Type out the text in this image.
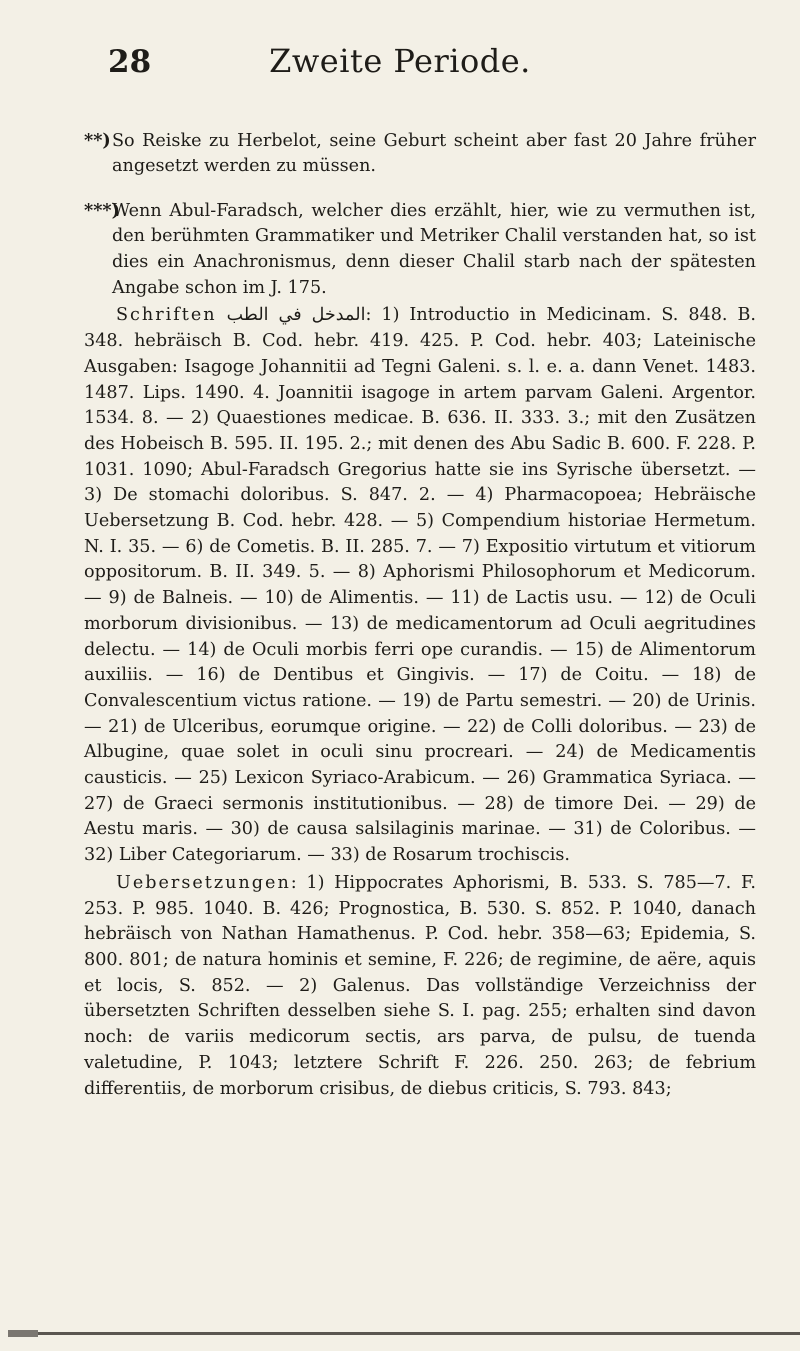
28	Zweite Periode.

**)So Reiske zu Herbelot, seine Geburt scheint aber fast 20 Jahre früher angesetzt werden zu müssen.

***)Wenn Abul-Faradsch, welcher dies erzählt, hier, wie zu vermuthen ist, den berühmten Grammatiker und Metriker Chalil verstanden hat, so ist dies ein Anachronismus, denn dieser Chalil starb nach der spätesten Angabe schon im J. 175.

Schriften المدخل في الطب: 1) Introductio in Medicinam. S. 848. B. 348. hebräisch B. Cod. hebr. 419. 425. P. Cod. hebr. 403; Lateinische Ausgaben: Isagoge Johannitii ad Tegni Galeni. s. l. e. a. dann Venet. 1483. 1487. Lips. 1490. 4. Joannitii isagoge in artem parvam Galeni. Argentor. 1534. 8. — 2) Quaestiones medicae. B. 636. II. 333. 3.; mit den Zusätzen des Hobeisch B. 595. II. 195. 2.; mit denen des Abu Sadic B. 600. F. 228. P. 1031. 1090; Abul-Faradsch Gregorius hatte sie ins Syrische übersetzt. — 3) De stomachi doloribus. S. 847. 2. — 4) Pharmacopoea; Hebräische Uebersetzung B. Cod. hebr. 428. — 5) Compendium historiae Hermetum. N. I. 35. — 6) de Cometis. B. II. 285. 7. — 7) Expositio virtutum et vitiorum oppositorum. B. II. 349. 5. — 8) Aphorismi Philosophorum et Medicorum. — 9) de Balneis. — 10) de Alimentis. — 11) de Lactis usu. — 12) de Oculi morborum divisionibus. — 13) de medicamentorum ad Oculi aegritudines delectu. — 14) de Oculi morbis ferri ope curandis. — 15) de Alimentorum auxiliis. — 16) de Dentibus et Gingivis. — 17) de Coitu. — 18) de Convalescentium victus ratione. — 19) de Partu semestri. — 20) de Urinis. — 21) de Ulceribus, eorumque origine. — 22) de Colli doloribus. — 23) de Albugine, quae solet in oculi sinu procreari. — 24) de Medicamentis causticis. — 25) Lexicon Syriaco-Arabicum. — 26) Grammatica Syriaca. — 27) de Graeci sermonis institutionibus. — 28) de timore Dei. — 29) de Aestu maris. — 30) de causa salsilaginis marinae. — 31) de Coloribus. — 32) Liber Categoriarum. — 33) de Rosarum trochiscis.

Uebersetzungen: 1) Hippocrates Aphorismi, B. 533. S. 785—7. F. 253. P. 985. 1040. B. 426; Prognostica, B. 530. S. 852. P. 1040, danach hebräisch von Nathan Hamathenus. P. Cod. hebr. 358—63; Epidemia, S. 800. 801; de natura hominis et semine, F. 226; de regimine, de aëre, aquis et locis, S. 852. — 2) Galenus. Das vollständige Verzeichniss der übersetzten Schriften desselben siehe S. I. pag. 255; erhalten sind davon noch: de variis medicorum sectis, ars parva, de pulsu, de tuenda valetudine, P. 1043; letztere Schrift F. 226. 250. 263; de febrium differentiis, de morborum crisibus, de diebus criticis, S. 793. 843;
